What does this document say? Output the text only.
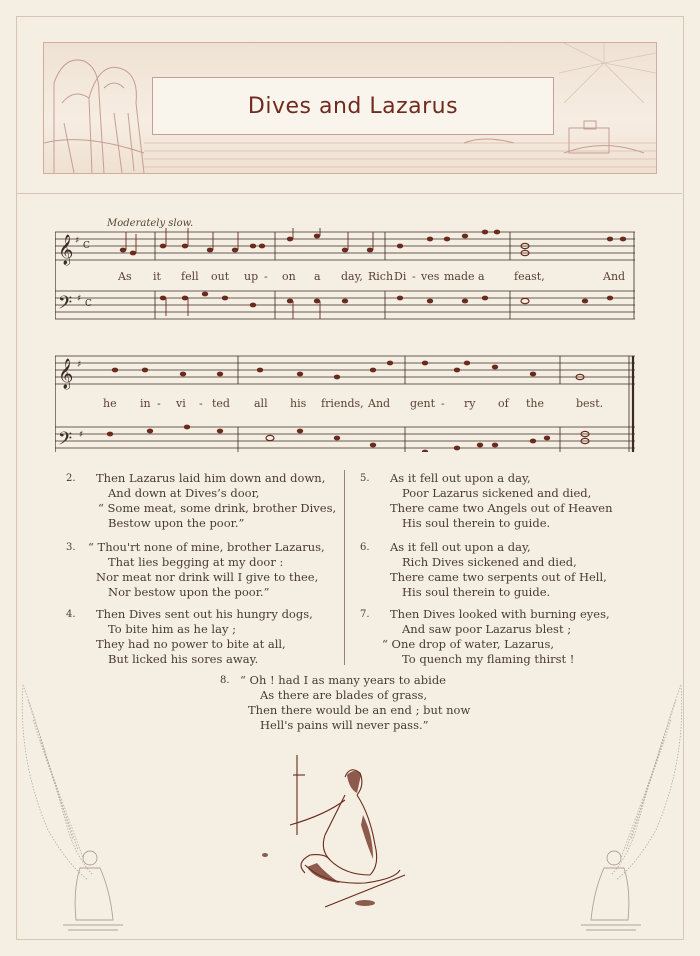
Dives and Lazarus
Moderately slow.
𝄞
𝄢
♯ C
♯ C
As it fell out up - on a day, Rich Di - ves made a	feast,	And
𝄞
𝄢
♯
♯
he in - vi - ted all his friends, And gent - ry of the	best.
2. Then Lazarus laid him down and down,
And down at Dives’s door,
“ Some meat, some drink, brother Dives,
Bestow upon the poor.”
3. “ Thou'rt none of mine, brother Lazarus,
That lies begging at my door :
Nor meat nor drink will I give to thee,
Nor bestow upon the poor.”
4. Then Dives sent out his hungry dogs,
To bite him as he lay ;
They had no power to bite at all,
But licked his sores away.
5. As it fell out upon a day,
Poor Lazarus sickened and died,
There came two Angels out of Heaven
His soul therein to guide.
6. As it fell out upon a day,
Rich Dives sickened and died,
There came two serpents out of Hell,
His soul therein to guide.
7. Then Dives looked with burning eyes,
And saw poor Lazarus blest ;
“ One drop of water, Lazarus,
To quench my flaming thirst !
8. “ Oh ! had I as many years to abide
As there are blades of grass,
Then there would be an end ; but now
Hell's pains will never pass.”
